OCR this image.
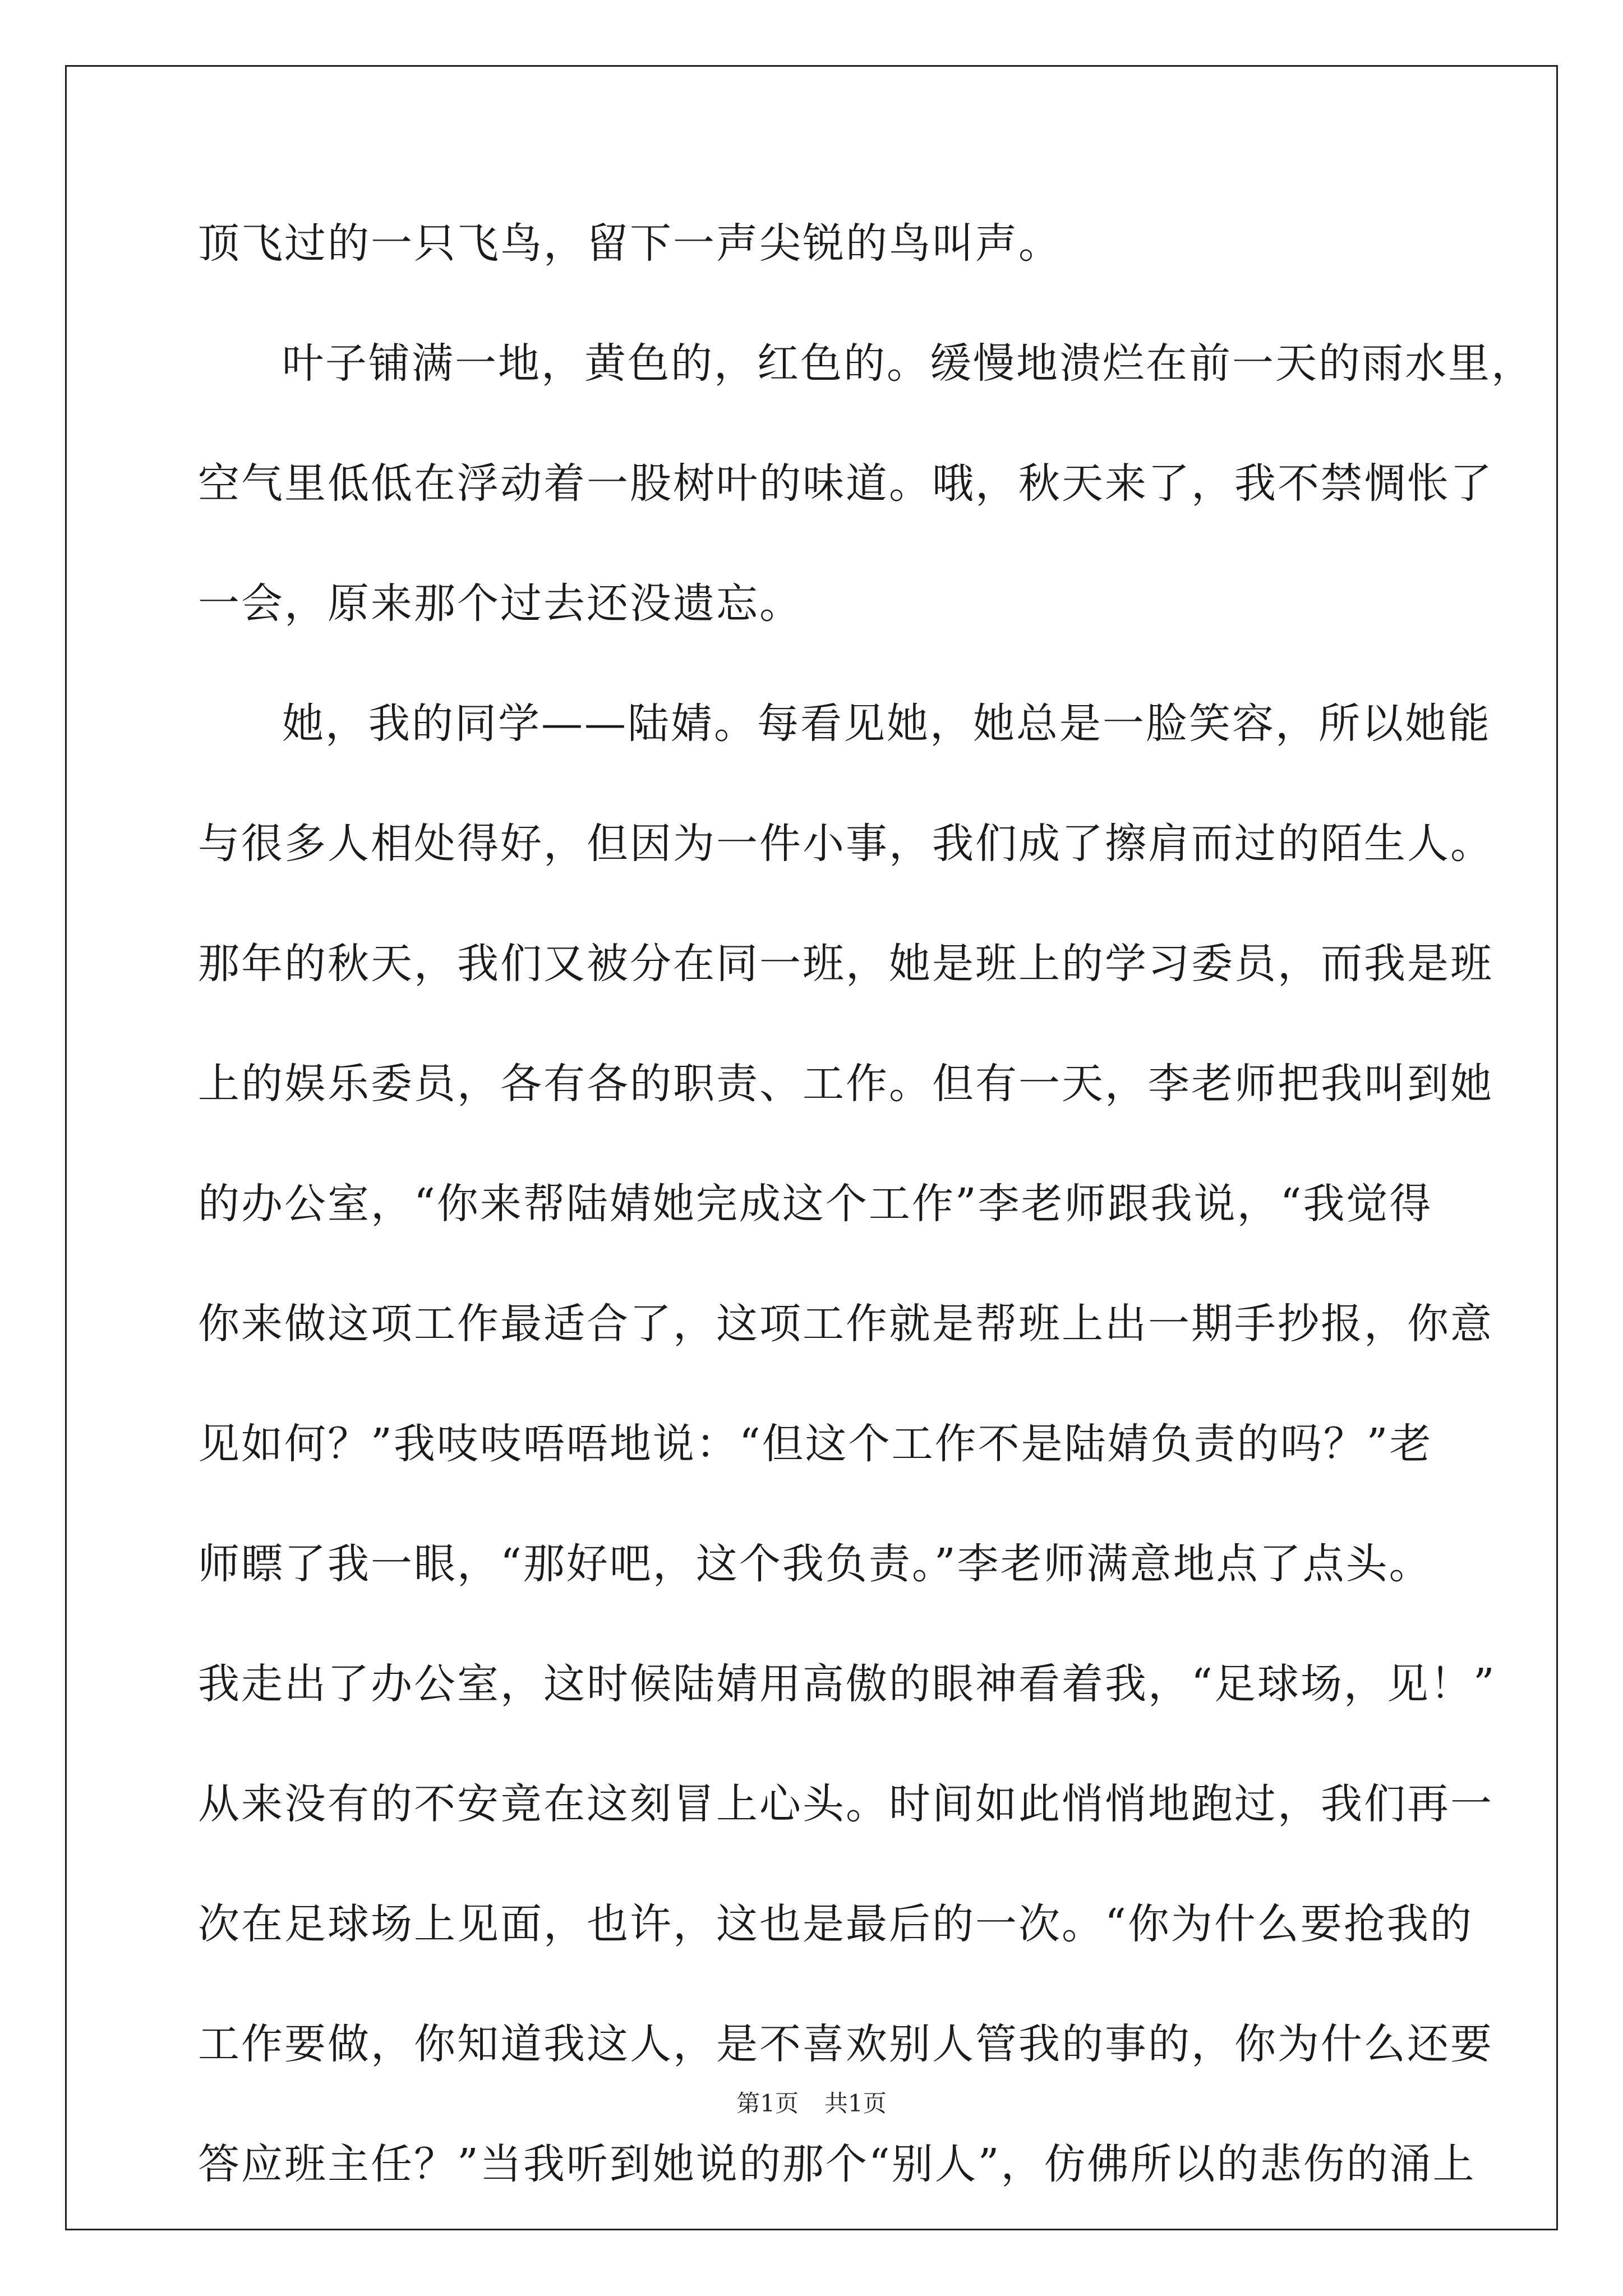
顶飞过的一只飞鸟，留下一声尖锐的鸟叫声。
叶子铺满一地，黄色的，红色的。缓慢地溃烂在前一天的雨水里，
空气里低低在浮动着一股树叶的味道。哦，秋天来了，我不禁惆怅了
一会，原来那个过去还没遗忘。
她，我的同学——陆婧。每看见她，她总是一脸笑容，所以她能
与很多人相处得好，但因为一件小事，我们成了擦肩而过的陌生人。
那年的秋天，我们又被分在同一班，她是班上的学习委员，而我是班
上的娱乐委员，各有各的职责、工作。但有一天，李老师把我叫到她
的办公室，“你来帮陆婧她完成这个工作”李老师跟我说，“我觉得
你来做这项工作最适合了，这项工作就是帮班上出一期手抄报，你意
见如何？”我吱吱唔唔地说：“但这个工作不是陆婧负责的吗？”老
师瞟了我一眼，“那好吧，这个我负责。”李老师满意地点了点头。
我走出了办公室，这时候陆婧用高傲的眼神看着我，“足球场，见！”
从来没有的不安竟在这刻冒上心头。时间如此悄悄地跑过，我们再一
次在足球场上见面，也许，这也是最后的一次。“你为什么要抢我的
工作要做，你知道我这人，是不喜欢别人管我的事的，你为什么还要
答应班主任？”当我听到她说的那个“别人”，仿佛所以的悲伤的涌上
第1页 共1页
